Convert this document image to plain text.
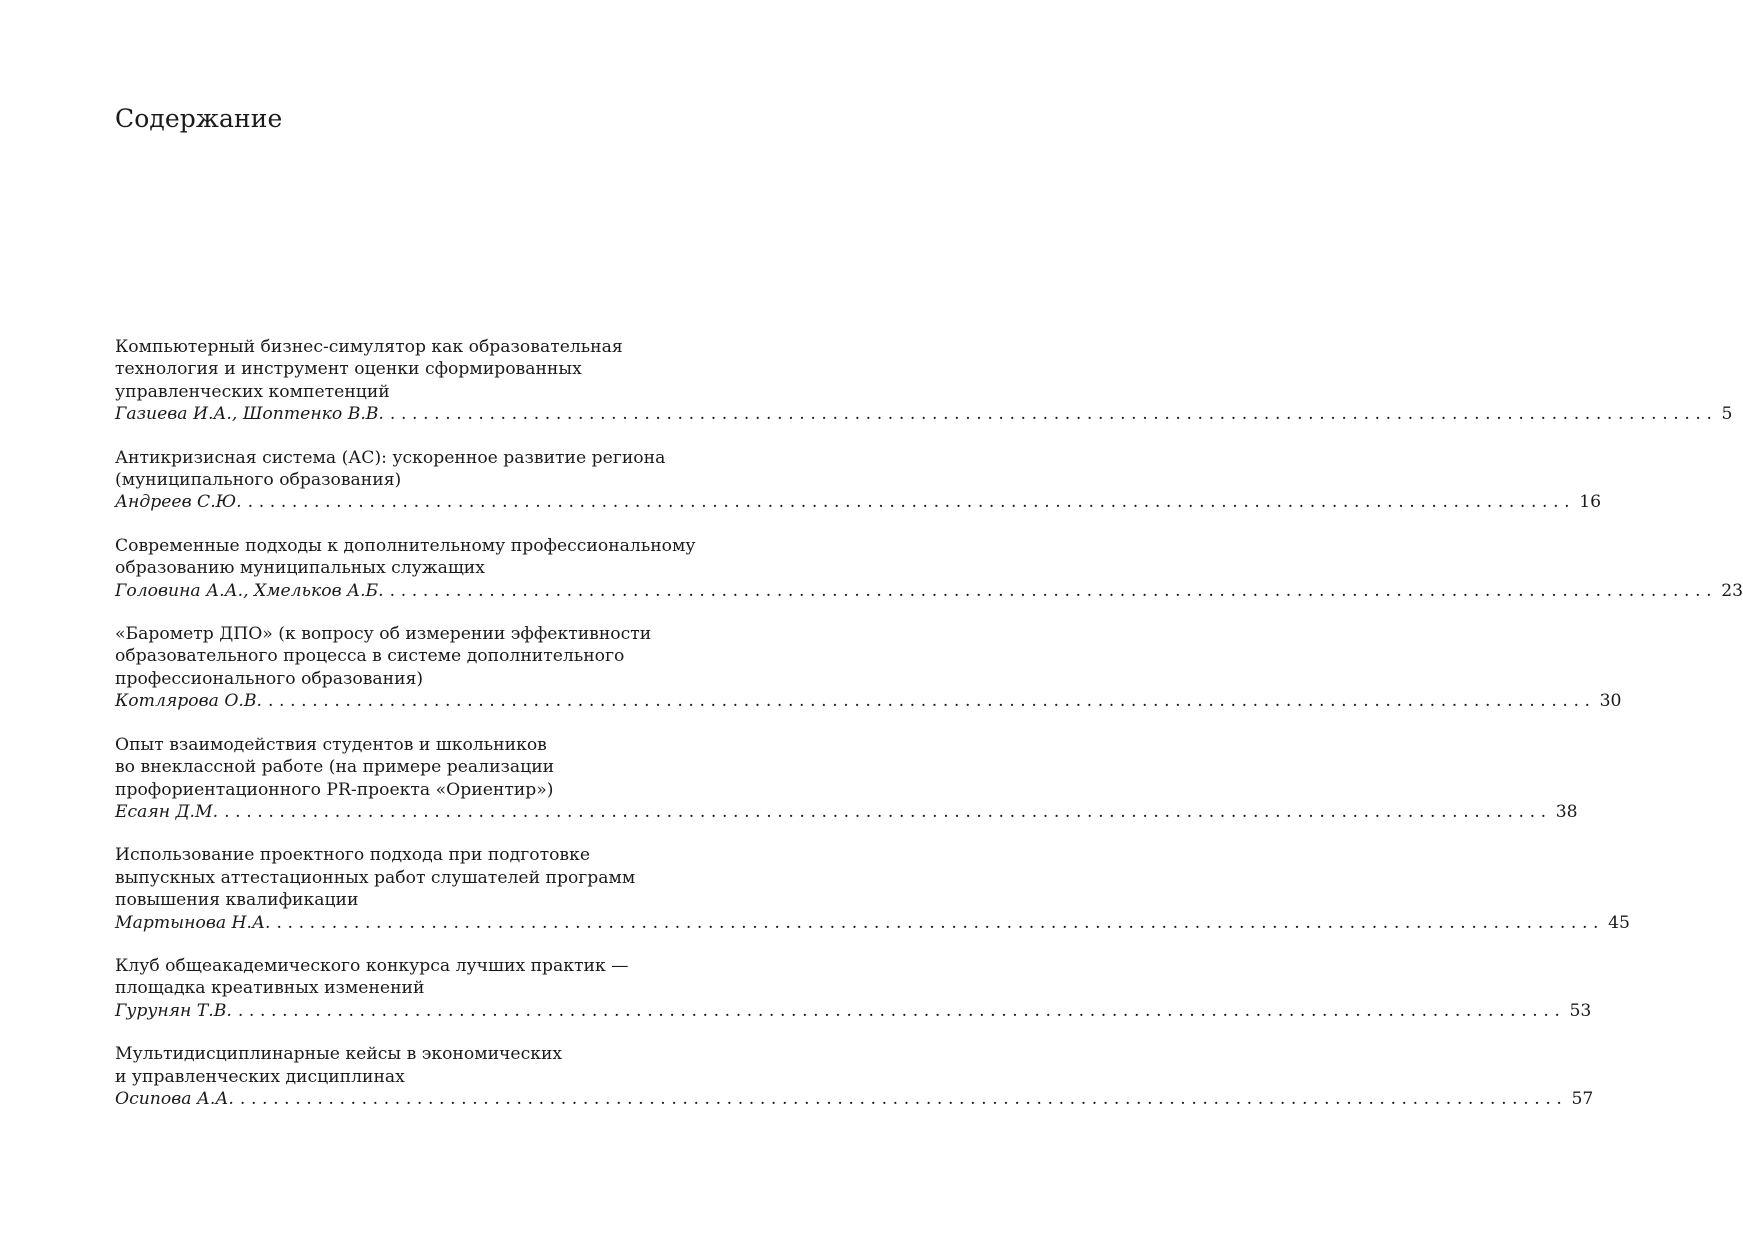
Содержание
Компьютерный бизнес-симулятор как образовательная
технология и инструмент оценки сформированных
управленческих компетенций
Газиева И.А., Шоптенко В.В. ........................................................................................................................ 5
Антикризисная система (АС): ускоренное развитие региона
(муниципального образования)
Андреев С.Ю. ........................................................................................................................ 16
Современные подходы к дополнительному профессиональному
образованию муниципальных служащих
Головина А.А., Хмельков А.Б. ........................................................................................................................ 23
«Барометр ДПО» (к вопросу об измерении эффективности
образовательного процесса в системе дополнительного
профессионального образования)
Котлярова О.В. ........................................................................................................................ 30
Опыт взаимодействия студентов и школьников
во внеклассной работе (на примере реализации
профориентационного PR-проекта «Ориентир»)
Есаян Д.М. ........................................................................................................................ 38
Использование проектного подхода при подготовке
выпускных аттестационных работ слушателей программ
повышения квалификации
Мартынова Н.А. ........................................................................................................................ 45
Клуб общеакадемического конкурса лучших практик —
площадка креативных изменений
Гурунян Т.В. ........................................................................................................................ 53
Мультидисциплинарные кейсы в экономических
и управленческих дисциплинах
Осипова А.А. ........................................................................................................................ 57
